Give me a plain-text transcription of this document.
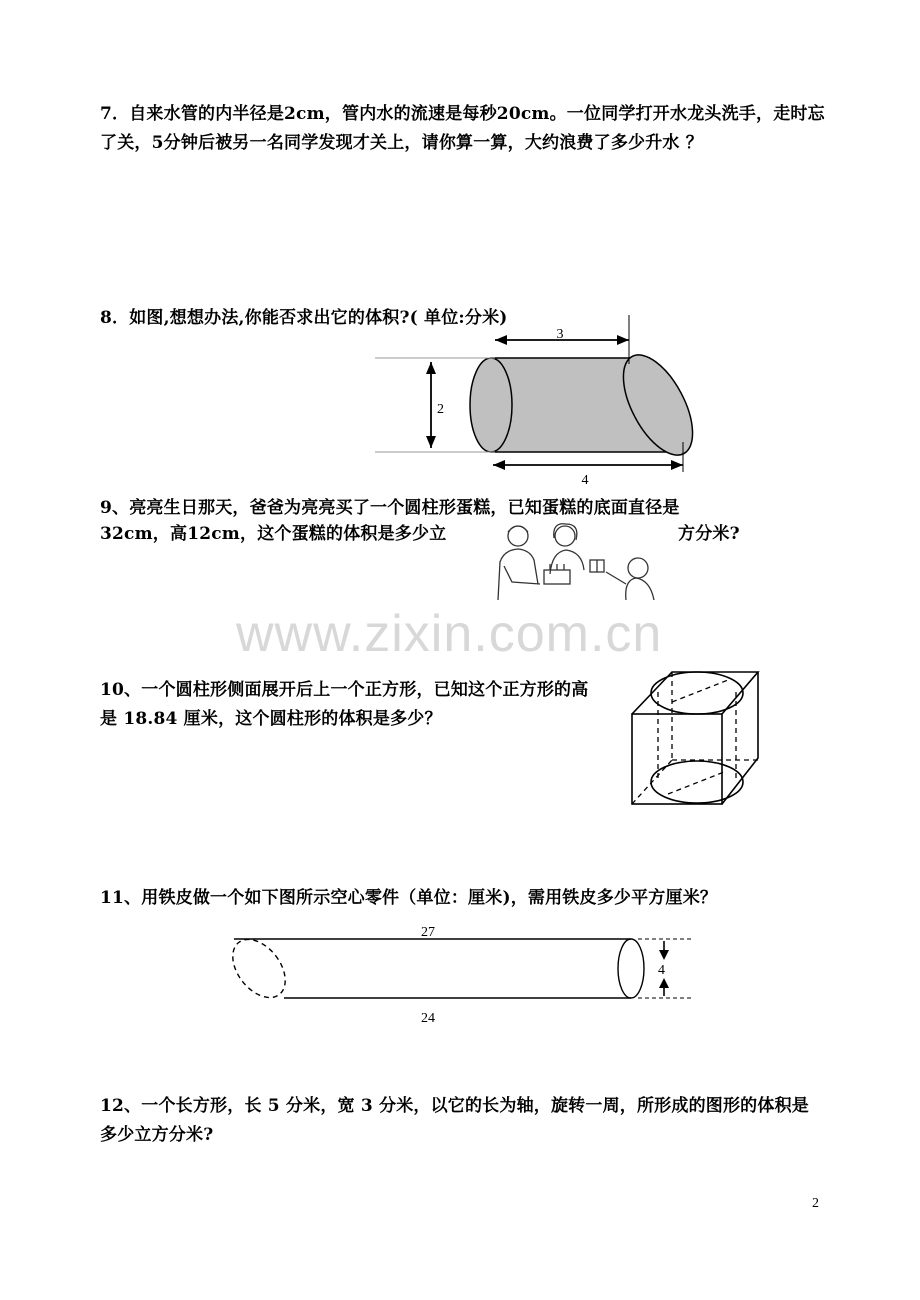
7．自来水管的内半径是2cm，管内水的流速是每秒20cm。一位同学打开水龙头洗手，走时忘了关，5分钟后被另一名同学发现才关上，请你算一算，大约浪费了多少升水 ？

8．如图,想想办法,你能否求出它的体积?( 单位:分米)

3
2
4

9、亮亮生日那天，爸爸为亮亮买了一个圆柱形蛋糕，已知蛋糕的底面直径是

32cm，高12cm，这个蛋糕的体积是多少立	方分米?

www.zixin.com.cn

10、一个圆柱形侧面展开后上一个正方形，已知这个正方形的高是 18.84 厘米，这个圆柱形的体积是多少？

11、用铁皮做一个如下图所示空心零件（单位：厘米)，需用铁皮多少平方厘米？

27
24
4

12、一个长方形，长 5 分米，宽 3 分米，以它的长为轴，旋转一周，所形成的图形的体积是多少立方分米?

2
